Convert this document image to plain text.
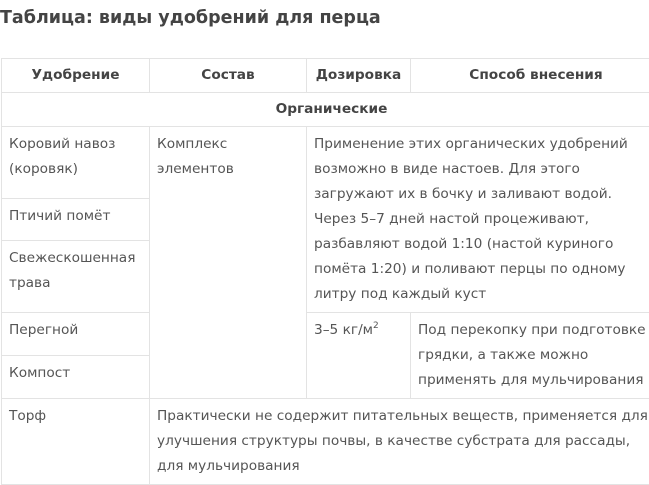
Таблица: виды удобрений для перца
Удобрение	Состав	Дозировка	Способ внесения
Органические			
Коровий навоз (коровяк)	Комплекс элементов	Применение этих органических удобрений возможно в виде настоев. Для этого загружают их в бочку и заливают водой. Через 5–7 дней настой процеживают, разбавляют водой 1:10 (настой куриного помёта 1:20) и поливают перцы по одному литру под каждый куст	
Птичий помёт			
Свежескошенная трава			
Перегной		3–5 $кг/м^2$	Под перекопку при подготовке грядки, а также можно применять для мульчирования
Компост			
Торф	Практически не содержит питательных веществ, применяется для улучшения структуры почвы, в качестве субстрата для рассады, для мульчирования		
